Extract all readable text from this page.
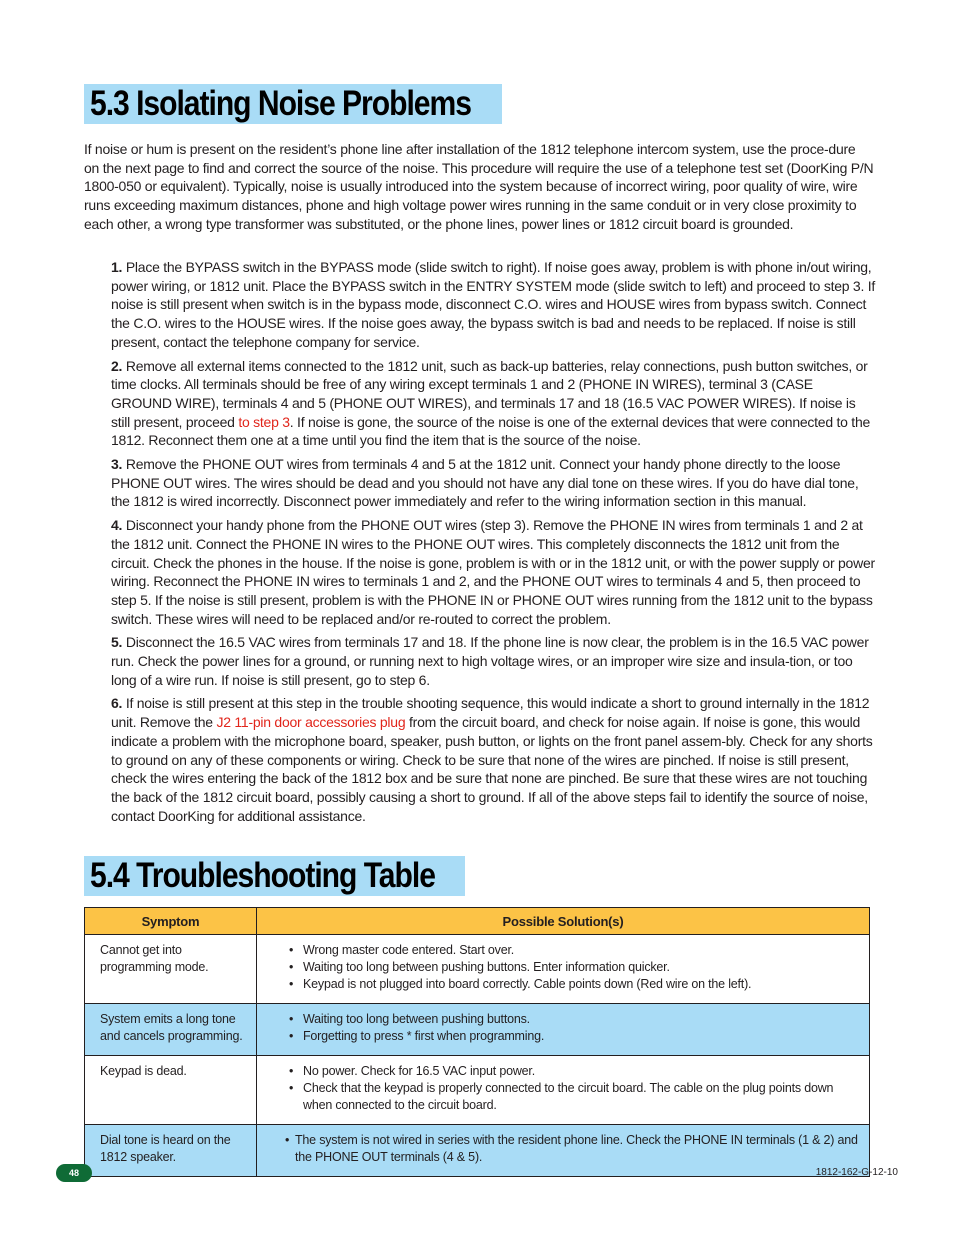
5.3 Isolating Noise Problems

If noise or hum is present on the resident’s phone line after installation of the 1812 telephone intercom system, use the proce-dure on the next page to find and correct the source of the noise. This procedure will require the use of a telephone test set (DoorKing P/N 1800-050 or equivalent). Typically, noise is usually introduced into the system because of incorrect wiring, poor quality of wire, wire runs exceeding maximum distances, phone and high voltage power wires running in the same conduit or in very close proximity to each other, a wrong type transformer was substituted, or the phone lines, power lines or 1812 circuit board is grounded.

1. Place the BYPASS switch in the BYPASS mode (slide switch to right). If noise goes away, problem is with phone in/out wiring, power wiring, or 1812 unit. Place the BYPASS switch in the ENTRY SYSTEM mode (slide switch to left) and proceed to step 3. If noise is still present when switch is in the bypass mode, disconnect C.O. wires and HOUSE wires from bypass switch. Connect the C.O. wires to the HOUSE wires. If the noise goes away, the bypass switch is bad and needs to be replaced. If noise is still present, contact the telephone company for service.

2. Remove all external items connected to the 1812 unit, such as back-up batteries, relay connections, push button switches, or time clocks. All terminals should be free of any wiring except terminals 1 and 2 (PHONE IN WIRES), terminal 3 (CASE GROUND WIRE), terminals 4 and 5 (PHONE OUT WIRES), and terminals 17 and 18 (16.5 VAC POWER WIRES). If noise is still present, proceed to step 3. If noise is gone, the source of the noise is one of the external devices that were connected to the 1812. Reconnect them one at a time until you find the item that is the source of the noise.

3. Remove the PHONE OUT wires from terminals 4 and 5 at the 1812 unit. Connect your handy phone directly to the loose PHONE OUT wires. The wires should be dead and you should not have any dial tone on these wires. If you do have dial tone, the 1812 is wired incorrectly. Disconnect power immediately and refer to the wiring information section in this manual.

4. Disconnect your handy phone from the PHONE OUT wires (step 3). Remove the PHONE IN wires from terminals 1 and 2 at the 1812 unit. Connect the PHONE IN wires to the PHONE OUT wires. This completely disconnects the 1812 unit from the circuit. Check the phones in the house. If the noise is gone, problem is with or in the 1812 unit, or with the power supply or power wiring. Reconnect the PHONE IN wires to terminals 1 and 2, and the PHONE OUT wires to terminals 4 and 5, then proceed to step 5. If the noise is still present, problem is with the PHONE IN or PHONE OUT wires running from the 1812 unit to the bypass switch. These wires will need to be replaced and/or re-routed to correct the problem.

5. Disconnect the 16.5 VAC wires from terminals 17 and 18. If the phone line is now clear, the problem is in the 16.5 VAC power run. Check the power lines for a ground, or running next to high voltage wires, or an improper wire size and insula-tion, or too long of a wire run. If noise is still present, go to step 6.

6. If noise is still present at this step in the trouble shooting sequence, this would indicate a short to ground internally in the 1812 unit. Remove the J2 11-pin door accessories plug from the circuit board, and check for noise again. If noise is gone, this would indicate a problem with the microphone board, speaker, push button, or lights on the front panel assem-bly. Check for any shorts to ground on any of these components or wiring. Check to be sure that none of the wires are pinched. If noise is still present, check the wires entering the back of the 1812 box and be sure that none are pinched. Be sure that these wires are not touching the back of the 1812 circuit board, possibly causing a short to ground. If all of the above steps fail to identify the source of noise, contact DoorKing for additional assistance.

5.4 Troubleshooting Table
Symptom	Possible Solution(s)
Cannot get into programming mode.	• Wrong master code entered. Start over.
• Waiting too long between pushing buttons. Enter information quicker.
• Keypad is not plugged into board correctly. Cable points down (Red wire on the left).

System emits a long tone and cancels programming.	• Waiting too long between pushing buttons.
• Forgetting to press * first when programming.

Keypad is dead.	• No power. Check for 16.5 VAC input power.
• Check that the keypad is properly connected to the circuit board. The cable on the plug points down when connected to the circuit board.

Dial tone is heard on the 1812 speaker.	• The system is not wired in series with the resident phone line. Check the PHONE IN terminals (1 & 2) and the PHONE OUT terminals (4 & 5).
48	1812-162-G-12-10
